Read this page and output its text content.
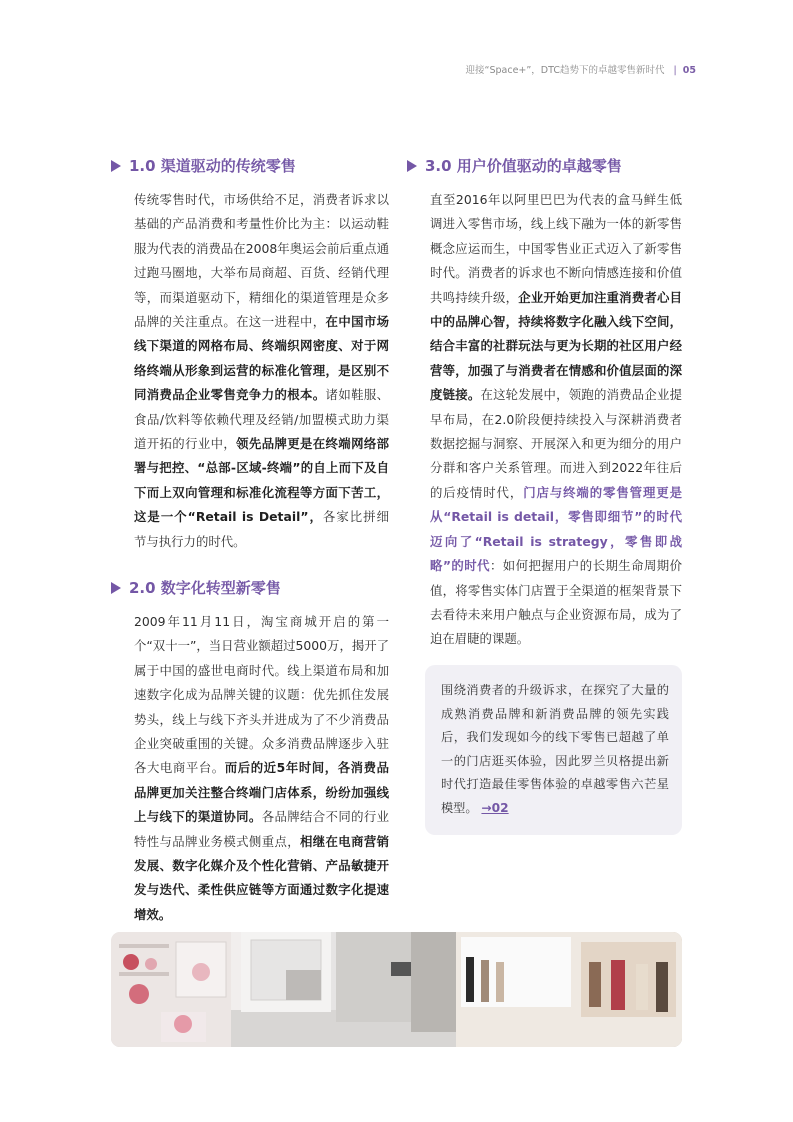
迎接“Space+”，DTC趋势下的卓越零售新时代 | 05
1.0 渠道驱动的传统零售
传统零售时代，市场供给不足，消费者诉求以基础的产品消费和考量性价比为主：以运动鞋服为代表的消费品在2008年奥运会前后重点通过跑马圈地，大举布局商超、百货、经销代理等，而渠道驱动下，精细化的渠道管理是众多品牌的关注重点。在这一进程中，在中国市场线下渠道的网格布局、终端织网密度、对于网络终端从形象到运营的标准化管理，是区别不同消费品企业零售竞争力的根本。诸如鞋服、食品/饮料等依赖代理及经销/加盟模式助力渠道开拓的行业中，领先品牌更是在终端网络部署与把控、“总部-区域-终端”的自上而下及自下而上双向管理和标准化流程等方面下苦工，这是一个“Retail is Detail”，各家比拼细节与执行力的时代。
2.0 数字化转型新零售
2009年11月11日，淘宝商城开启的第一个“双十一”，当日营业额超过5000万，揭开了属于中国的盛世电商时代。线上渠道布局和加速数字化成为品牌关键的议题：优先抓住发展势头，线上与线下齐头并进成为了不少消费品企业突破重围的关键。众多消费品牌逐步入驻各大电商平台。而后的近5年时间，各消费品品牌更加关注整合终端门店体系，纷纷加强线上与线下的渠道协同。各品牌结合不同的行业特性与品牌业务模式侧重点，相继在电商营销发展、数字化媒介及个性化营销、产品敏捷开发与迭代、柔性供应链等方面通过数字化提速增效。
3.0 用户价值驱动的卓越零售
直至2016年以阿里巴巴为代表的盒马鲜生低调进入零售市场，线上线下融为一体的新零售概念应运而生，中国零售业正式迈入了新零售时代。消费者的诉求也不断向情感连接和价值共鸣持续升级，企业开始更加注重消费者心目中的品牌心智，持续将数字化融入线下空间，结合丰富的社群玩法与更为长期的社区用户经营等，加强了与消费者在情感和价值层面的深度链接。在这轮发展中，领跑的消费品企业提早布局，在2.0阶段便持续投入与深耕消费者数据挖掘与洞察、开展深入和更为细分的用户分群和客户关系管理。而进入到2022年往后的后疫情时代，门店与终端的零售管理更是从“Retail is detail，零售即细节”的时代迈向了“Retail is strategy，零售即战略”的时代：如何把握用户的长期生命周期价值，将零售实体门店置于全渠道的框架背景下去看待未来用户触点与企业资源布局，成为了迫在眉睫的课题。
围绕消费者的升级诉求，在探究了大量的成熟消费品牌和新消费品牌的领先实践后，我们发现如今的线下零售已超越了单一的门店逛买体验，因此罗兰贝格提出新时代打造最佳零售体验的卓越零售六芒星模型。 →02
